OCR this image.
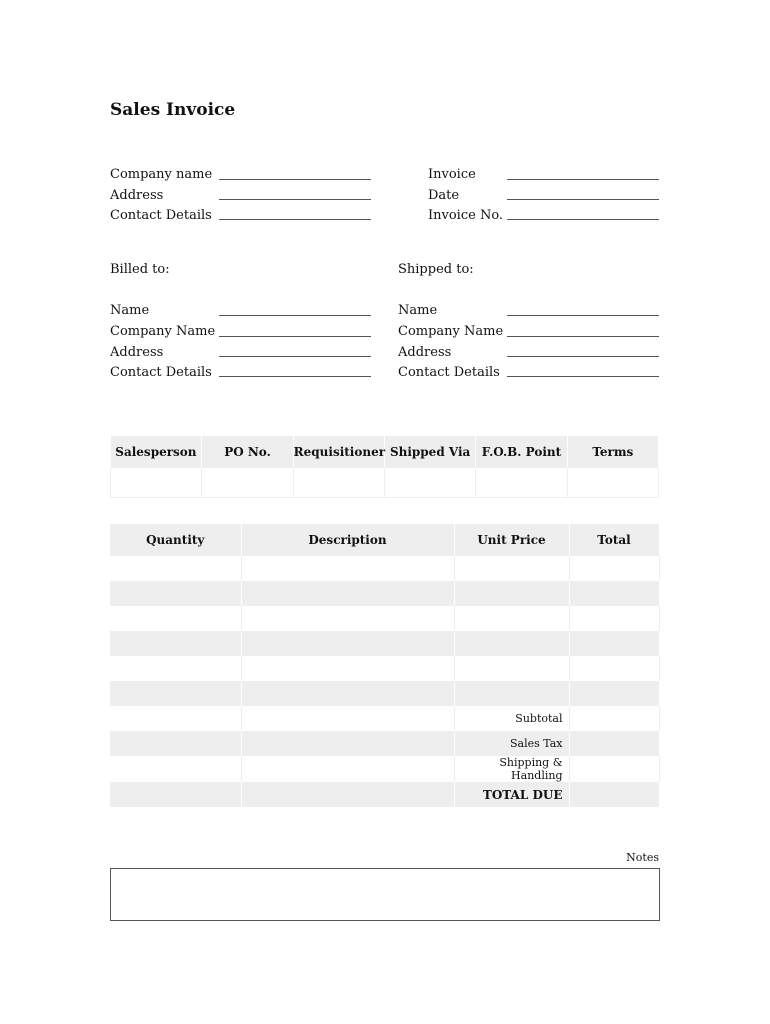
Sales Invoice
Company name
Address
Contact Details
Invoice
Date
Invoice No.
Billed to:
Name
Company Name
Address
Contact Details
Shipped to:
Name
Company Name
Address
Contact Details
Salesperson	PO No.	Requisitioner	Shipped Via	F.O.B. Point	Terms

Quantity	Description	Unit Price	Total

		Subtotal	
		Sales Tax	
		Shipping & Handling	
		TOTAL DUE	
Notes
